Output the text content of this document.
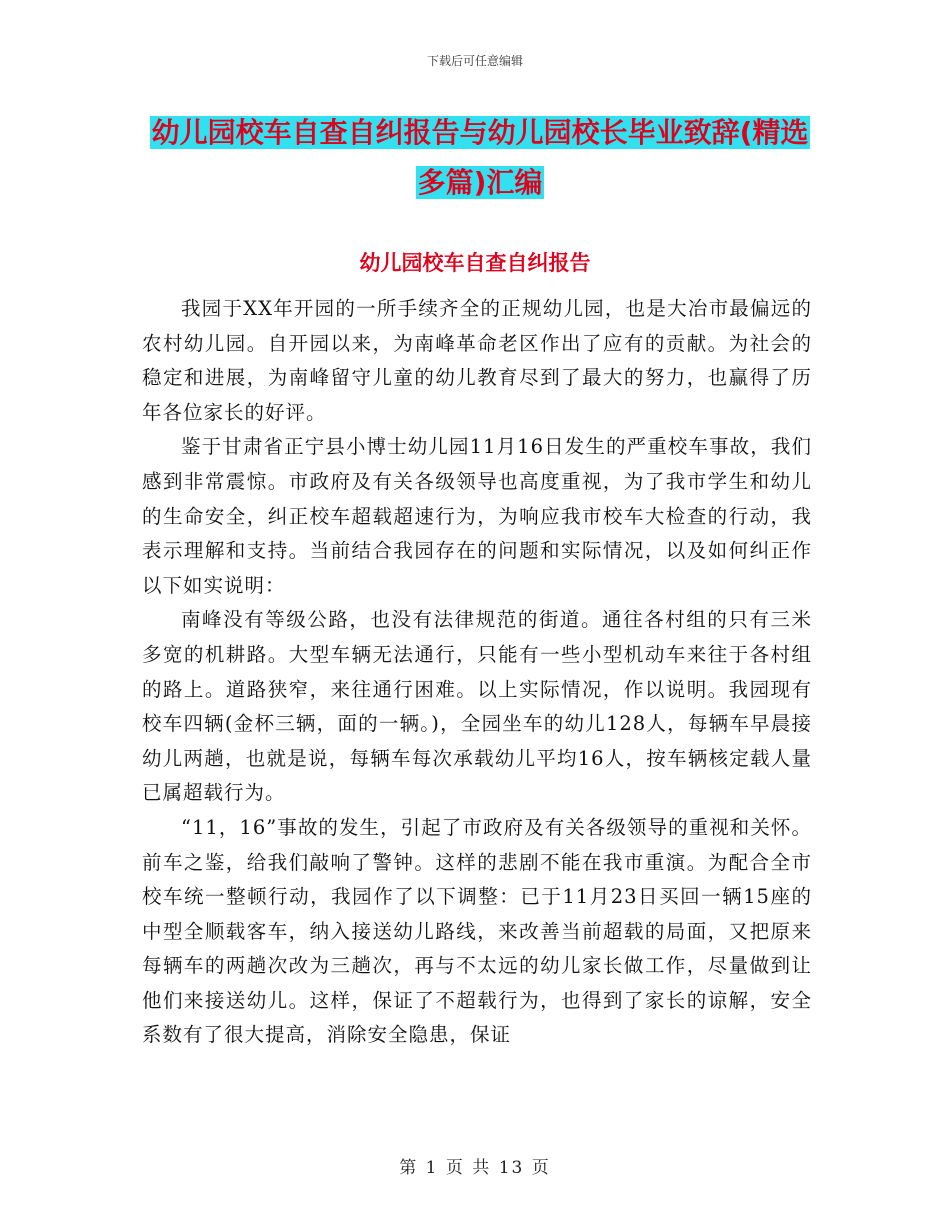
下载后可任意编辑
幼儿园校车自查自纠报告与幼儿园校长毕业致辞(精选
多篇)汇编
幼儿园校车自查自纠报告

我园于XX年开园的一所手续齐全的正规幼儿园，也是大冶市最偏远的农村幼儿园。自开园以来，为南峰革命老区作出了应有的贡献。为社会的稳定和进展，为南峰留守儿童的幼儿教育尽到了最大的努力，也赢得了历年各位家长的好评。

鉴于甘肃省正宁县小博士幼儿园11月16日发生的严重校车事故，我们感到非常震惊。市政府及有关各级领导也高度重视，为了我市学生和幼儿的生命安全，纠正校车超载超速行为，为响应我市校车大检查的行动，我表示理解和支持。当前结合我园存在的问题和实际情况，以及如何纠正作以下如实说明：

南峰没有等级公路，也没有法律规范的街道。通往各村组的只有三米多宽的机耕路。大型车辆无法通行，只能有一些小型机动车来往于各村组的路上。道路狭窄，来往通行困难。以上实际情况，作以说明。我园现有校车四辆(金杯三辆，面的一辆。)，全园坐车的幼儿128人，每辆车早晨接幼儿两趟，也就是说，每辆车每次承载幼儿平均16人，按车辆核定载人量已属超载行为。

“11，16”事故的发生，引起了市政府及有关各级领导的重视和关怀。前车之鉴，给我们敲响了警钟。这样的悲剧不能在我市重演。为配合全市校车统一整顿行动，我园作了以下调整：已于11月23日买回一辆15座的中型全顺载客车，纳入接送幼儿路线，来改善当前超载的局面，又把原来每辆车的两趟次改为三趟次，再与不太远的幼儿家长做工作，尽量做到让他们来接送幼儿。这样，保证了不超载行为，也得到了家长的谅解，安全系数有了很大提高，消除安全隐患，保证

第 1 页 共 13 页
